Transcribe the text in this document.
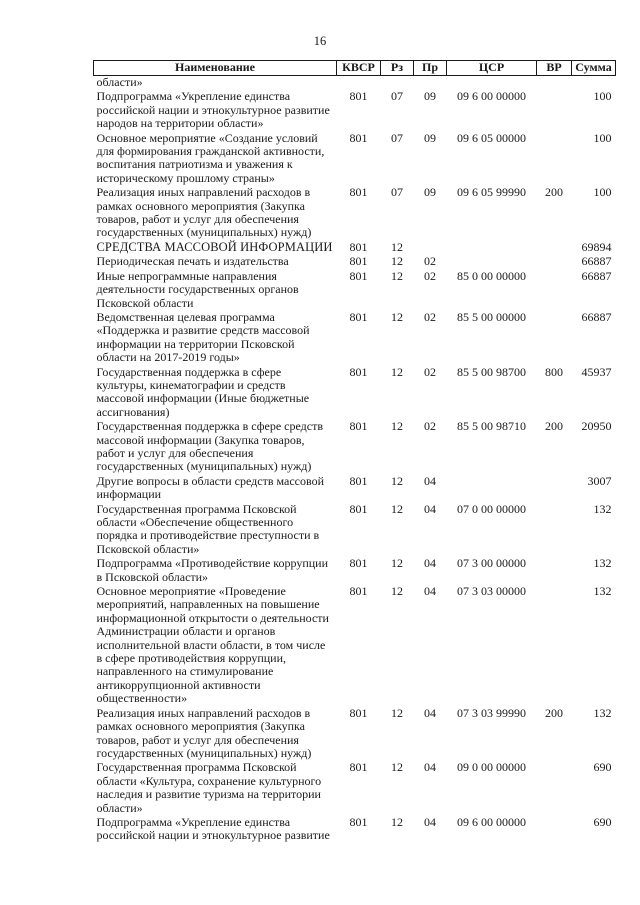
16
Наименование	КВСР	Рз	Пр	ЦСР	ВР	Сумма
области»						
Подпрограмма «Укрепление единства российской нации и этнокультурное развитие народов на территории области»	801	07	09	09 6 00 00000		100
Основное мероприятие «Создание условий для формирования гражданской активности, воспитания патриотизма и уважения к историческому прошлому страны»	801	07	09	09 6 05 00000		100
Реализация иных направлений расходов в рамках основного мероприятия (Закупка товаров, работ и услуг для обеспечения государственных (муниципальных) нужд)	801	07	09	09 6 05 99990	200	100
СРЕДСТВА МАССОВОЙ ИНФОРМАЦИИ	801	12				69894
Периодическая печать и издательства	801	12	02			66887
Иные непрограммные направления деятельности государственных органов Псковской области	801	12	02	85 0 00 00000		66887
Ведомственная целевая программа «Поддержка и развитие средств массовой информации на территории Псковской области на 2017-2019 годы»	801	12	02	85 5 00 00000		66887
Государственная поддержка в сфере культуры, кинематографии и средств массовой информации (Иные бюджетные ассигнования)	801	12	02	85 5 00 98700	800	45937
Государственная поддержка в сфере средств массовой информации (Закупка товаров, работ и услуг для обеспечения государственных (муниципальных) нужд)	801	12	02	85 5 00 98710	200	20950
Другие вопросы в области средств массовой информации	801	12	04			3007
Государственная программа Псковской области «Обеспечение общественного порядка и противодействие преступности в Псковской области»	801	12	04	07 0 00 00000		132
Подпрограмма «Противодействие коррупции в Псковской области»	801	12	04	07 3 00 00000		132
Основное мероприятие «Проведение мероприятий, направленных на повышение информационной открытости о деятельности Администрации области и органов исполнительной власти области, в том числе в сфере противодействия коррупции, направленного на стимулирование антикоррупционной активности общественности»	801	12	04	07 3 03 00000		132
Реализация иных направлений расходов в рамках основного мероприятия (Закупка товаров, работ и услуг для обеспечения государственных (муниципальных) нужд)	801	12	04	07 3 03 99990	200	132
Государственная программа Псковской области «Культура, сохранение культурного наследия и развитие туризма на территории области»	801	12	04	09 0 00 00000		690
Подпрограмма «Укрепление единства российской нации и этнокультурное развитие	801	12	04	09 6 00 00000		690
